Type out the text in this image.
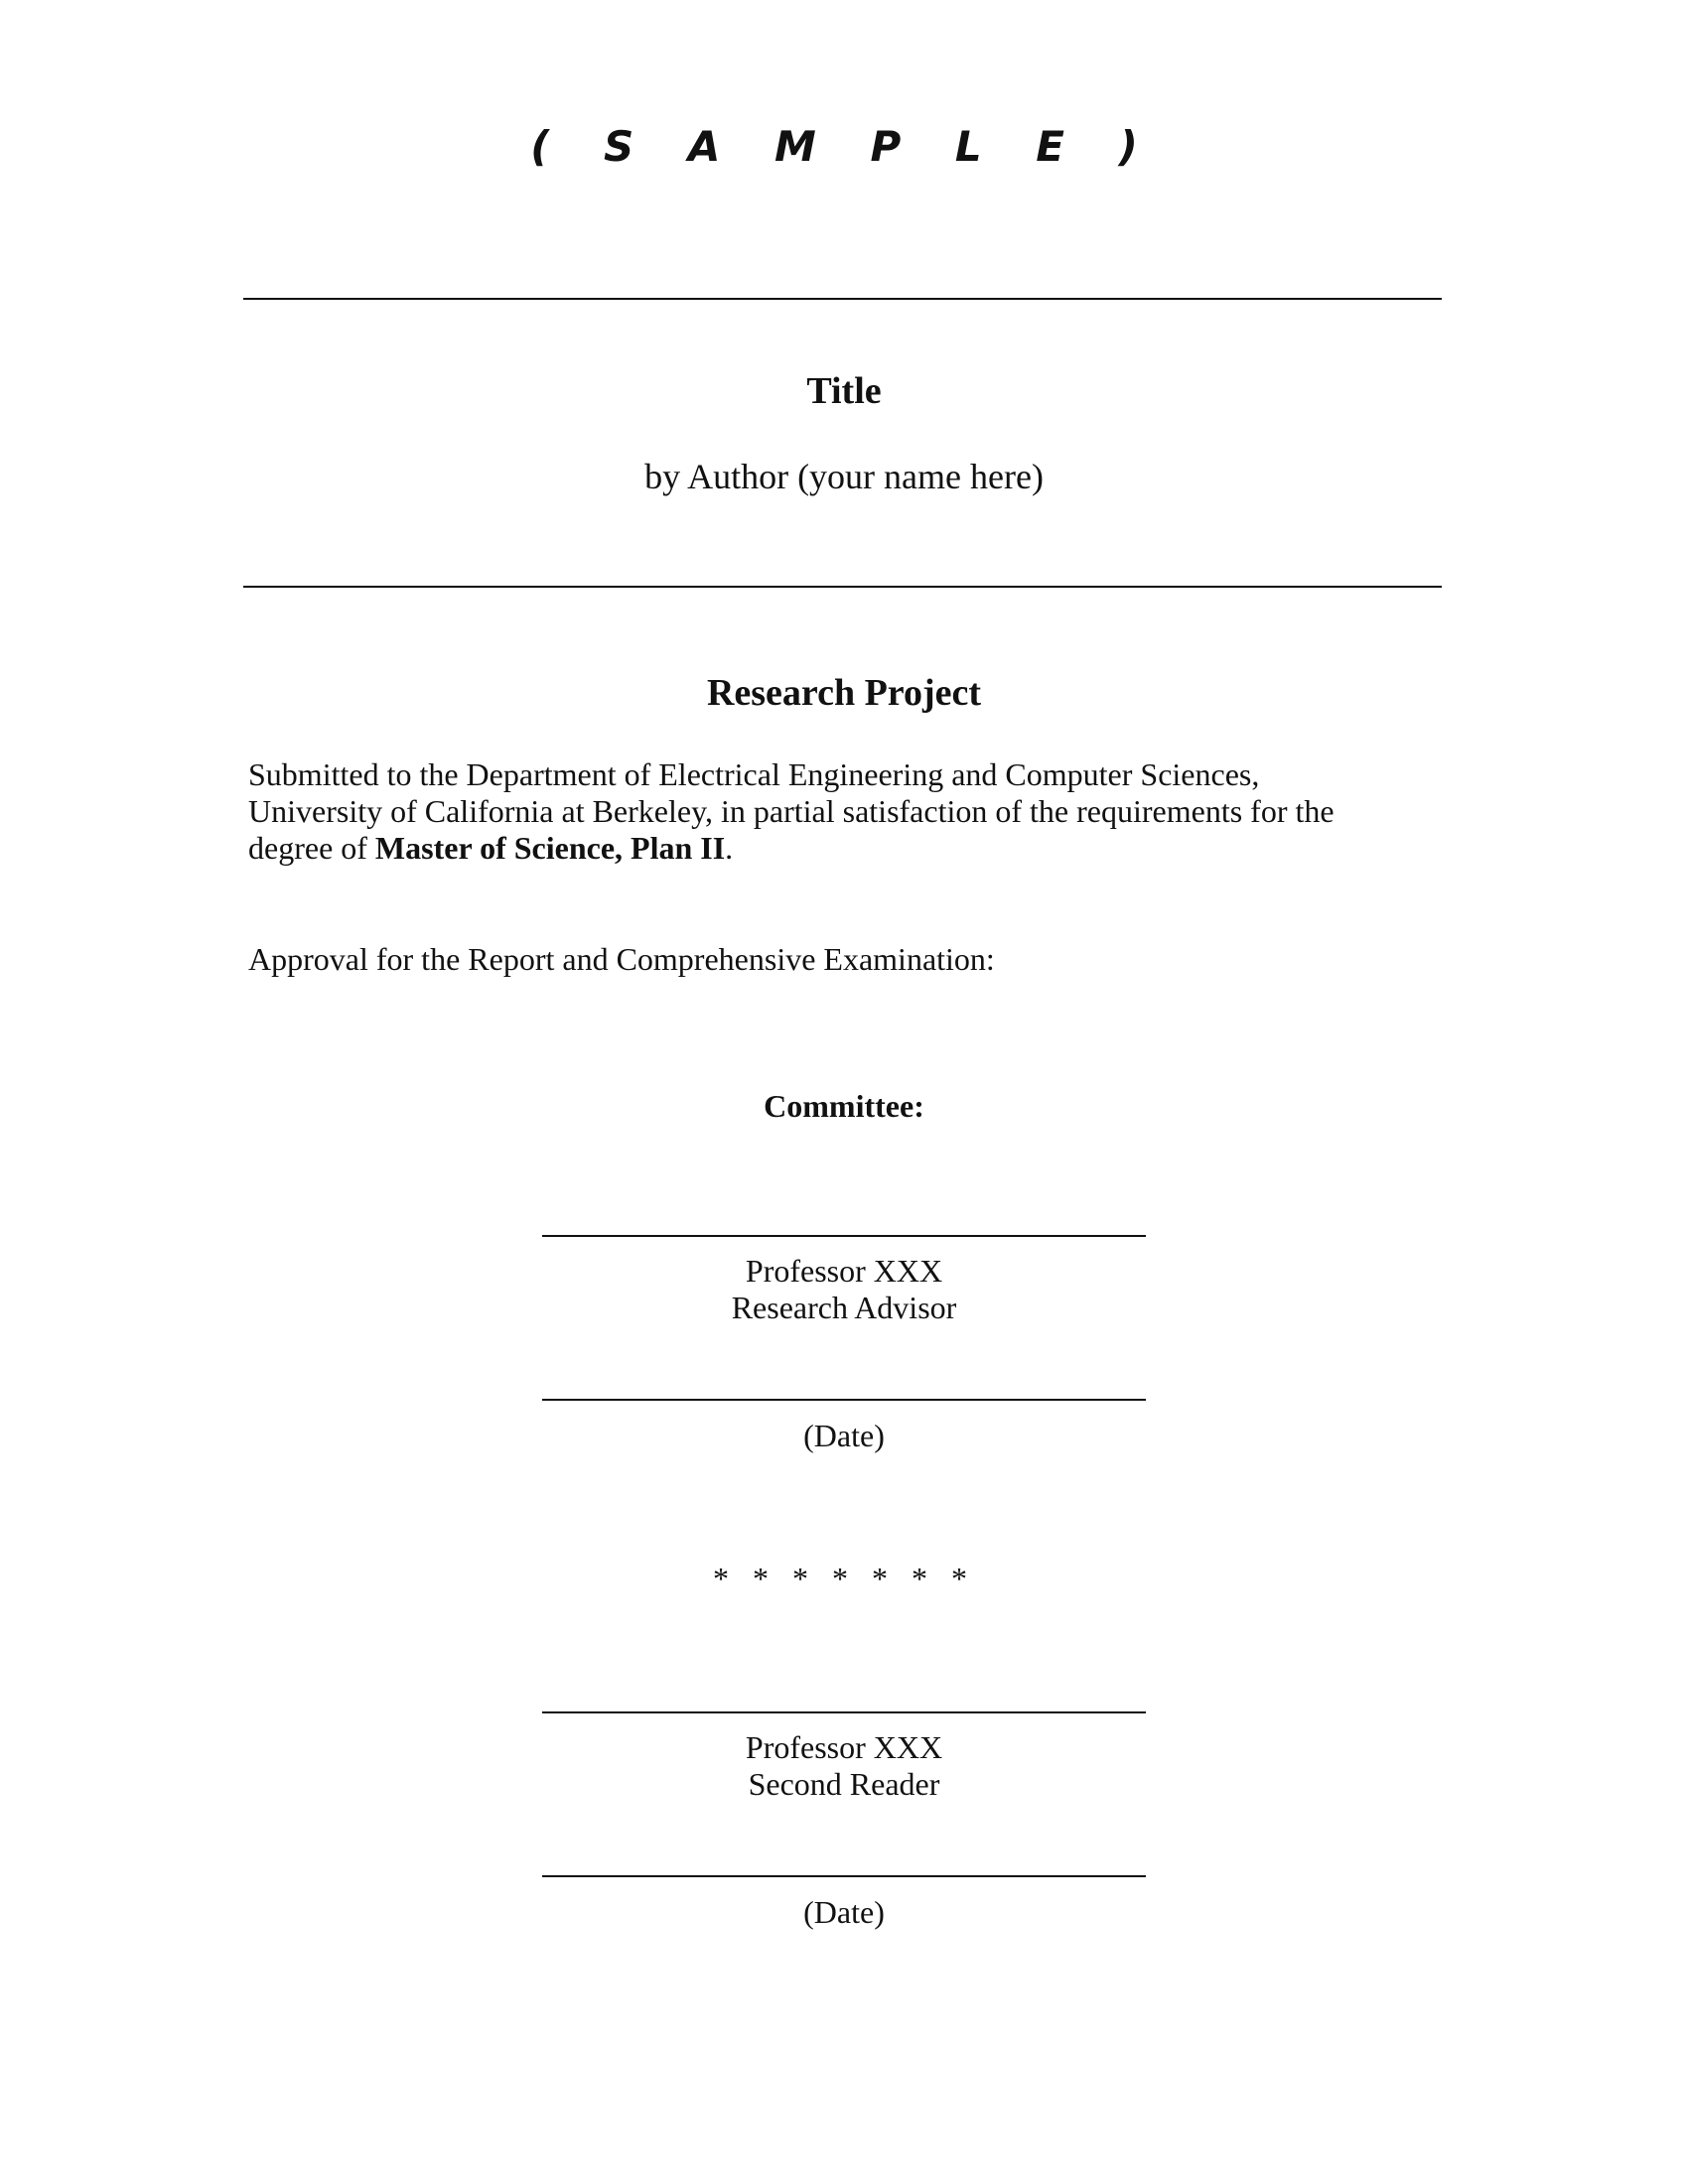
( S A M P L E )
Title
by Author (your name here)
Research Project
Submitted to the Department of Electrical Engineering and Computer Sciences,
University of California at Berkeley, in partial satisfaction of the requirements for the
degree of Master of Science, Plan II.
Approval for the Report and Comprehensive Examination:
Committee:
Professor XXX
Research Advisor
(Date)
* * * * * * *
Professor XXX
Second Reader
(Date)
